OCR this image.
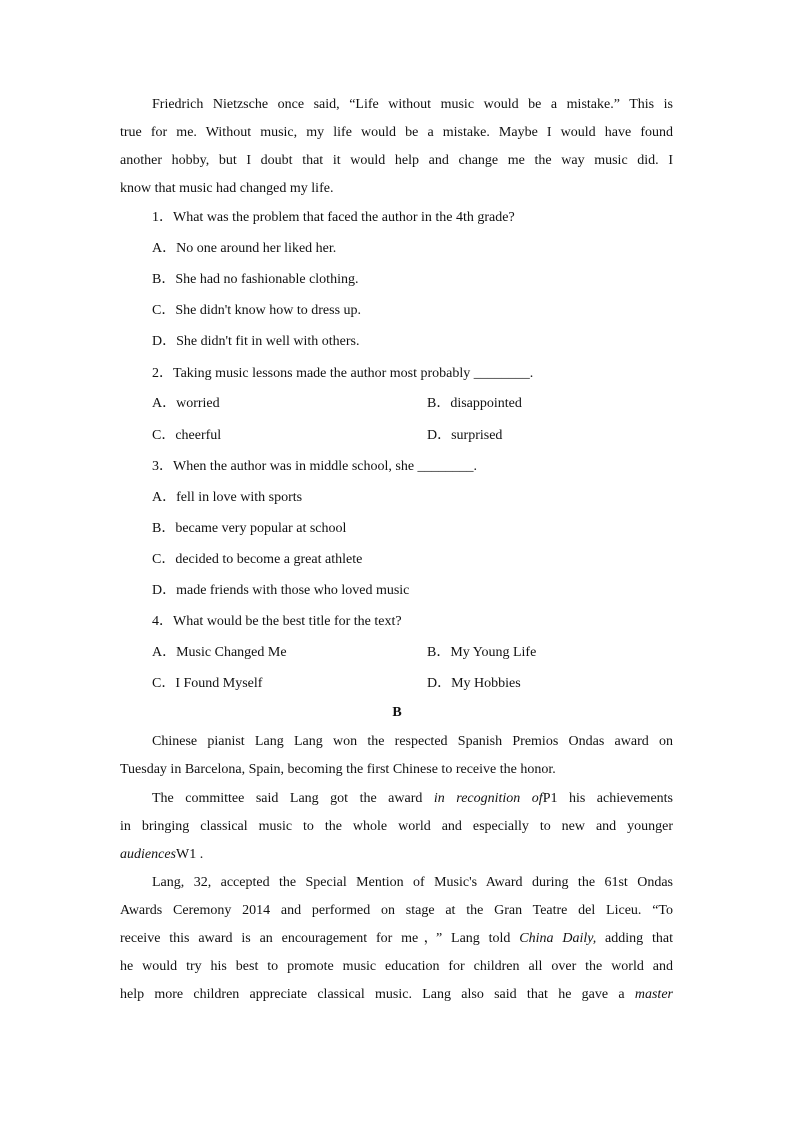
Friedrich Nietzsche once said, “Life without music would be a mistake.” This is
true for me. Without music, my life would be a mistake. Maybe I would have found
another hobby, but I doubt that it would help and change me the way music did. I
know that music had changed my life.
1．What was the problem that faced the author in the 4th grade?
A．No one around her liked her.
B．She had no fashionable clothing.
C．She didn't know how to dress up.
D．She didn't fit in well with others.
2．Taking music lessons made the author most probably ________.
A．worried	B．disappointed
C．cheerful	D．surprised
3．When the author was in middle school, she ________.
A．fell in love with sports
B．became very popular at school
C．decided to become a great athlete
D．made friends with those who loved music
4．What would be the best title for the text?
A．Music Changed Me	B．My Young Life
C．I Found Myself	D．My Hobbies
B
Chinese pianist Lang Lang won the respected Spanish Premios Ondas award on
Tuesday in Barcelona, Spain, becoming the first Chinese to receive the honor.
The committee said Lang got the award in recognition ofP1 his achievements
in bringing classical music to the whole world and especially to new and younger
audiencesW1 .
Lang, 32, accepted the Special Mention of Music's Award during the 61st Ondas
Awards Ceremony 2014 and performed on stage at the Gran Teatre del Liceu. “To
receive this award is an encouragement for me，” Lang told China Daily, adding that
he would try his best to promote music education for children all over the world and
help more children appreciate classical music. Lang also said that he gave a master
